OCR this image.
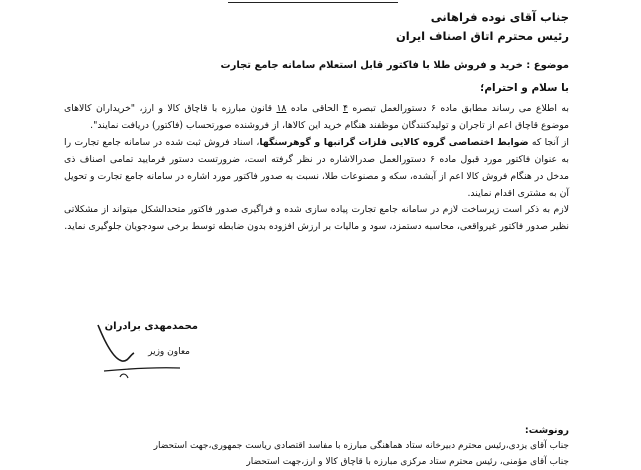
جناب آقای نوده فراهانی
رئیس محترم اتاق اصناف ایران
موضوع : خرید و فروش طلا با فاکتور قابل استعلام سامانه جامع تجارت
با سلام و احترام؛

به اطلاع می رساند مطابق ماده ۶ دستورالعمل تبصره ۴ الحاقی ماده ۱۸ قانون مبارزه با قاچاق کالا و ارز، "خریداران کالاهای موضوع قاچاق اعم از تاجران و تولیدکنندگان موظفند هنگام خرید این کالاها، از فروشنده صورتحساب (فاکتور) دریافت نمایند".

از آنجا که ضوابط اختصاصی گروه کالایی فلزات گرانبها و گوهرسنگها، اسناد فروش ثبت شده در سامانه جامع تجارت را به عنوان فاکتور مورد قبول ماده ۶ دستورالعمل صدرالاشاره در نظر گرفته است، ضرورتست دستور فرمایید تمامی اصناف ذی مدخل در هنگام فروش کالا اعم از آبشده، سکه و مصنوعات طلا، نسبت به صدور فاکتور مورد اشاره در سامانه جامع تجارت و تحویل آن به مشتری اقدام نمایند.

لازم به ذکر است زیرساخت لازم در سامانه جامع تجارت پیاده سازی شده و فراگیری صدور فاکتور متحدالشکل میتواند از مشکلاتی نظیر صدور فاکتور غیرواقعی، محاسبه دستمزد، سود و مالیات بر ارزش افزوده بدون ضابطه توسط برخی سودجویان جلوگیری نماید.

محمدمهدی برادران
معاون وزیر
رونوشت:
جناب آقای یزدی،رئیس محترم دبیرخانه ستاد هماهنگی مبارزه با مفاسد اقتصادی ریاست جمهوری،جهت استحضار
جناب آقای مؤمنی، رئیس محترم ستاد مرکزی مبارزه با قاچاق کالا و ارز،جهت استحضار
